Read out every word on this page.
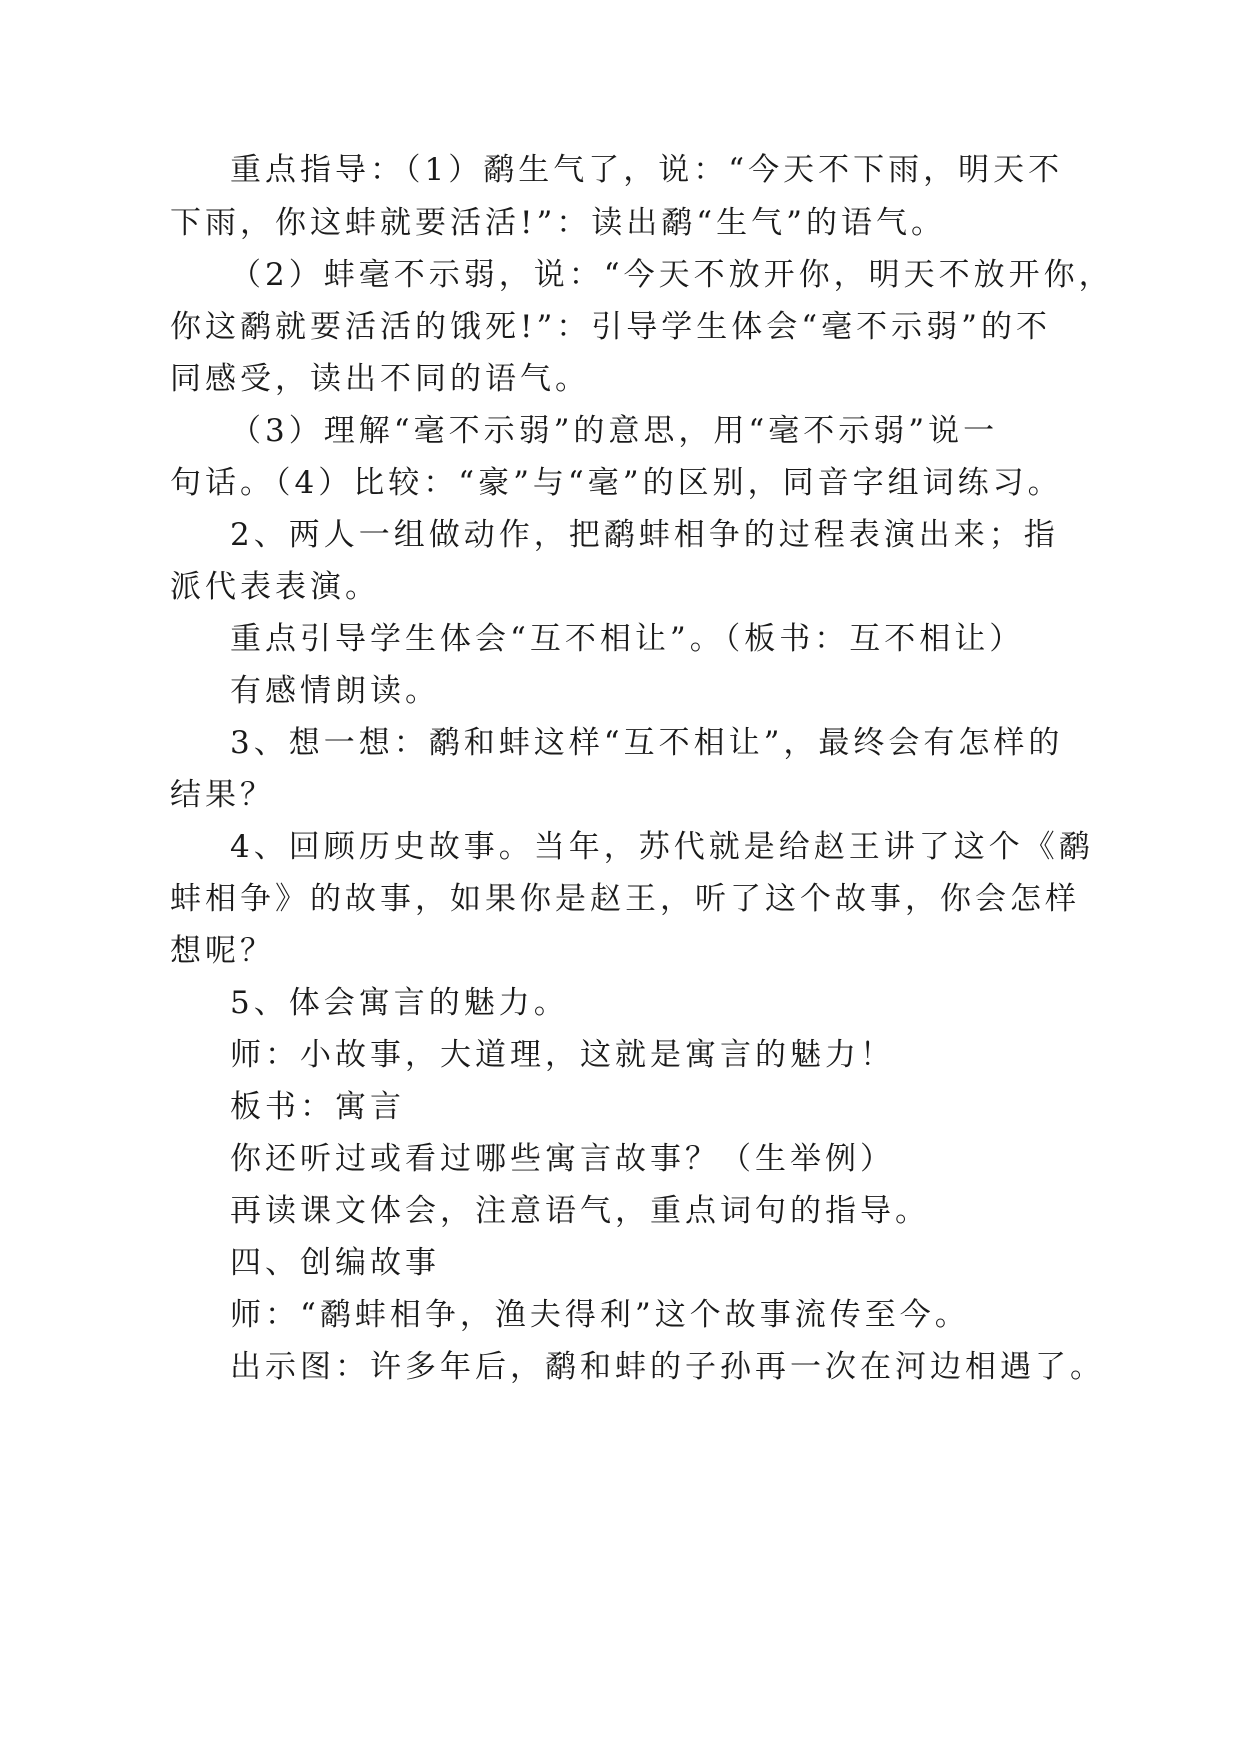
重点指导：（1）鹬生气了，说：“今天不下雨，明天不
下雨，你这蚌就要活活!”：读出鹬“生气”的语气。
（2）蚌毫不示弱，说：“今天不放开你，明天不放开你，
你这鹬就要活活的饿死!”：引导学生体会“毫不示弱”的不
同感受，读出不同的语气。
（3）理解“毫不示弱”的意思，用“毫不示弱”说一
句话。（4）比较：“豪”与“毫”的区别，同音字组词练习。
2、两人一组做动作，把鹬蚌相争的过程表演出来；指
派代表表演。
重点引导学生体会“互不相让”。（板书：互不相让）
有感情朗读。
3、想一想：鹬和蚌这样“互不相让”，最终会有怎样的
结果？
4、回顾历史故事。当年，苏代就是给赵王讲了这个《鹬
蚌相争》的故事，如果你是赵王，听了这个故事，你会怎样
想呢？
5、体会寓言的魅力。
师：小故事，大道理，这就是寓言的魅力！
板书：寓言
你还听过或看过哪些寓言故事？（生举例）
再读课文体会，注意语气，重点词句的指导。
四、创编故事
师：“鹬蚌相争，渔夫得利”这个故事流传至今。
出示图：许多年后，鹬和蚌的子孙再一次在河边相遇了。
